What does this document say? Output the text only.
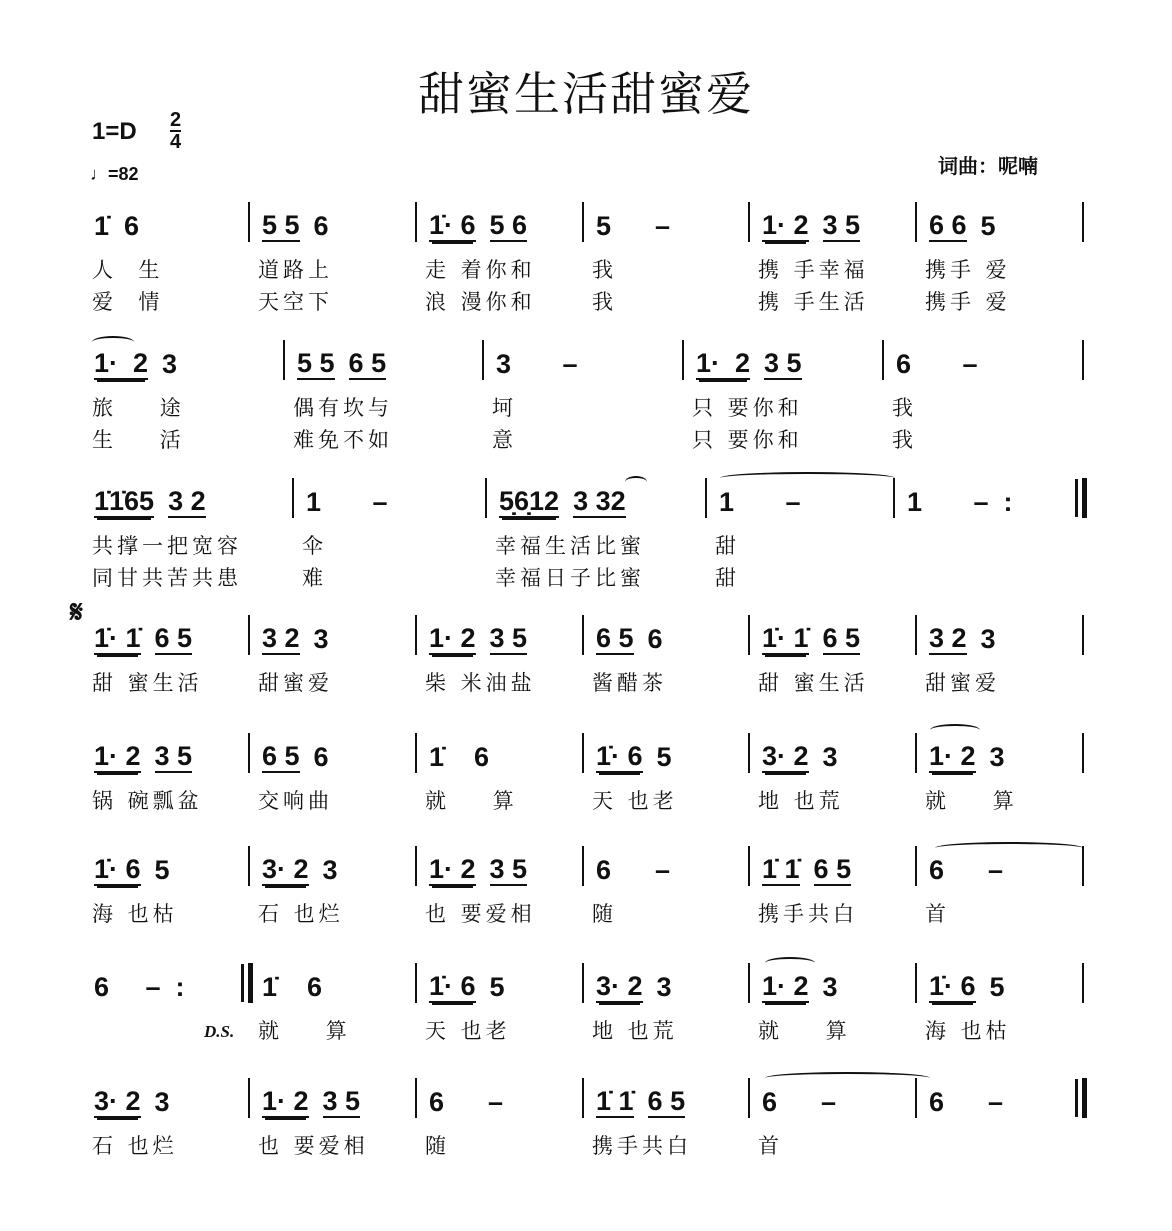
甜蜜生活甜蜜爱
$1=D \frac{2}{4}$
♩=82	词曲：呢喃
𝄋
D.S.
1̇  6
人  生
爱  情
5 5 6
道路上
天空下
1̇· 6 5 6
走 着你和
浪 漫你和
5 –
我
我
1· 2 3 5
携 手幸福
携 手生活
6 6 5
携手 爱
携手 爱
1·  2 3
旅    途
生    活
5 5 6 5
偶有坎与
难免不如
3 –
坷
意
1·  2 3 5
只 要你和
只 要你和
6 –
我
我
1̇1̇65 3 2
共撑一把宽容
同甘共苦共患
1 –
伞
难
5̣6̣12 3 32
幸福生活比蜜
幸福日子比蜜
1 –
甜
甜
1 –  :
1̇· 1̇ 6 5
甜 蜜生活
3 2 3
甜蜜爱
1· 2 3 5
柴 米油盐
6 5 6
酱醋茶
1̇· 1̇ 6 5
甜 蜜生活
3 2 3
甜蜜爱
1· 2 3 5
锅 碗瓢盆
6 5 6
交响曲
1̇    6
就    算
1̇· 6 5
天 也老
3· 2 3
地 也荒
1· 2 3
就    算
1̇· 6 5
海 也枯
3· 2 3
石 也烂
1· 2 3 5
也 要爱相
6 –
随
1̇ 1̇ 6 5
携手共白
6 –
首
6 –  :	1̇    6
就    算
1̇· 6 5
天 也老
3· 2 3
地 也荒
1· 2 3
就    算
1̇· 6 5
海 也枯
3· 2 3
石 也烂
1· 2 3 5
也 要爱相
6 –
随
1̇ 1̇ 6 5
携手共白
6 –
首
6 –
